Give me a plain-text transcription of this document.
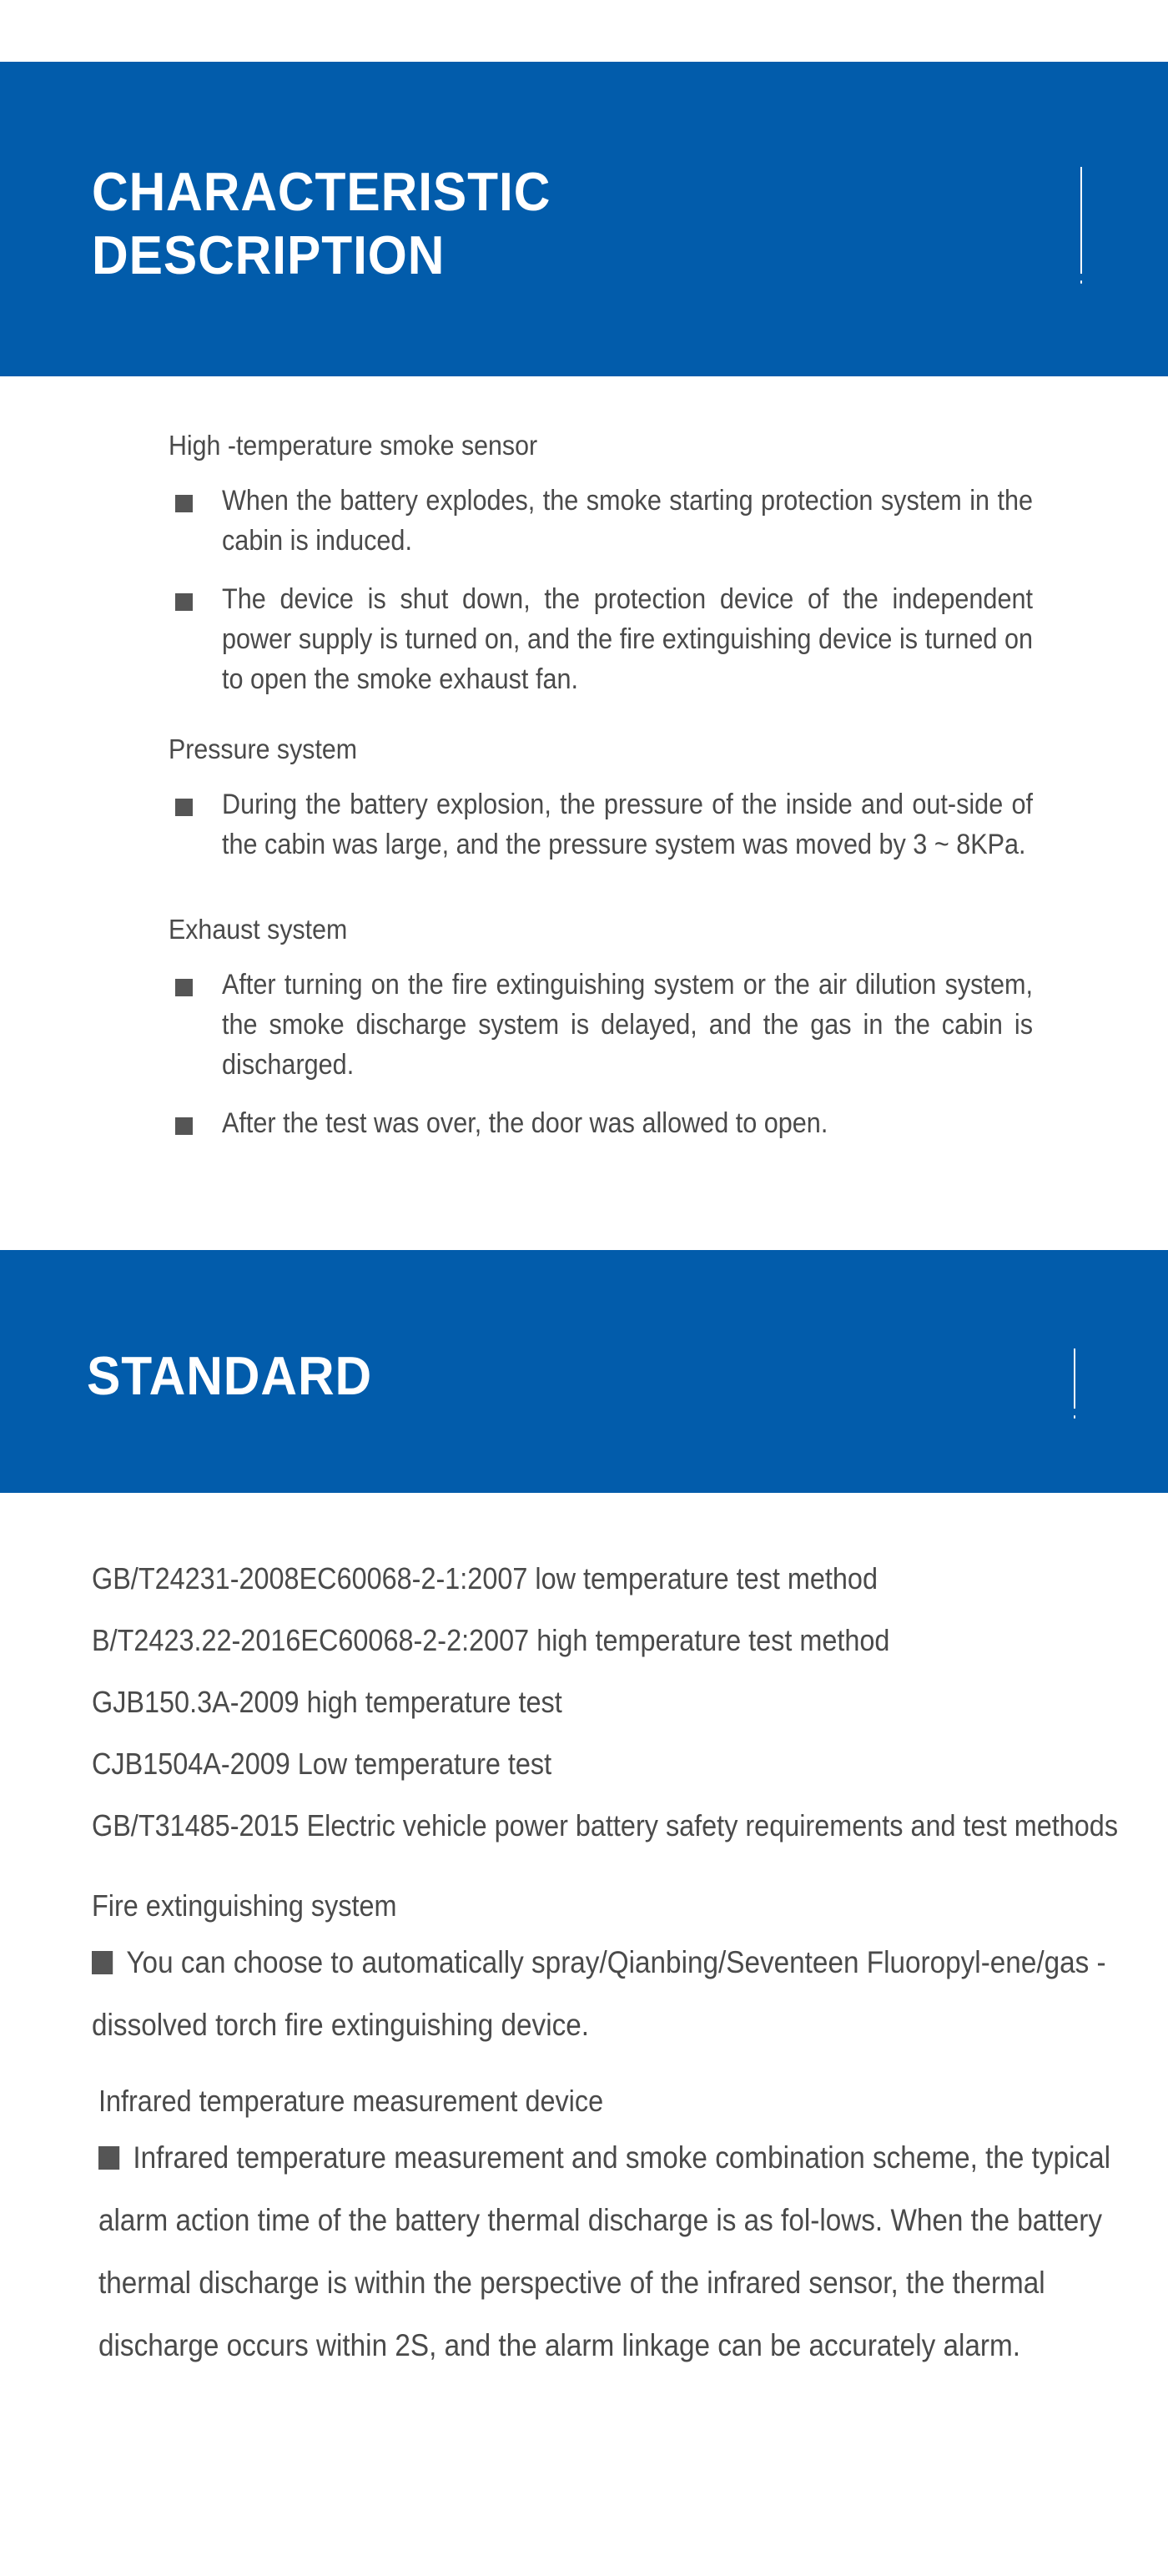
CHARACTERISTIC
DESCRIPTION
High -temperature smoke sensor
When the battery explodes, the smoke starting protection system in the cabin is induced.
The device is shut down, the protection device of the independent power supply is turned on, and the fire extinguishing device is turned on to open the smoke exhaust fan.
Pressure system
During the battery explosion, the pressure of the inside and out-side of the cabin was large, and the pressure system was moved by 3 ~ 8KPa.
Exhaust system
After turning on the fire extinguishing system or the air dilution system, the smoke discharge system is delayed, and the gas in the cabin is discharged.
After the test was over, the door was allowed to open.
STANDARD
GB/T24231-2008EC60068-2-1:2007 low temperature test method
B/T2423.22-2016EC60068-2-2:2007 high temperature test method
GJB150.3A-2009 high temperature test
CJB1504A-2009 Low temperature test
GB/T31485-2015 Electric vehicle power battery safety requirements and test methods
Fire extinguishing system
You can choose to automatically spray/Qianbing/Seventeen Fluoropyl-ene/gas -dissolved torch fire extinguishing device.
Infrared temperature measurement device
Infrared temperature measurement and smoke combination scheme, the typical alarm action time of the battery thermal discharge is as fol-lows. When the battery thermal discharge is within the perspective of the infrared sensor, the thermal discharge occurs within 2S, and the alarm linkage can be accurately alarm.
